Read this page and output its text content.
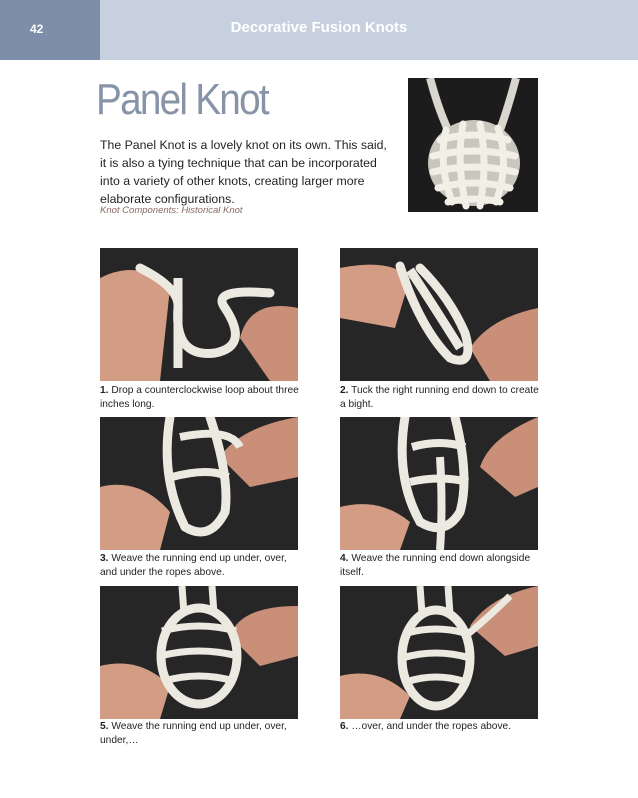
42	Decorative Fusion Knots
Panel Knot

The Panel Knot is a lovely knot on its own. This said, it is also a tying technique that can be incorporated into a variety of other knots, creating larger more elaborate configurations.

Knot Components: Historical Knot
1. Drop a counterclockwise loop about three inches long.
2. Tuck the right running end down to create a bight.
3. Weave the running end up under, over, and under the ropes above.
4. Weave the running end down alongside itself.
5. Weave the running end up under, over, under,…
6. …over, and under the ropes above.
